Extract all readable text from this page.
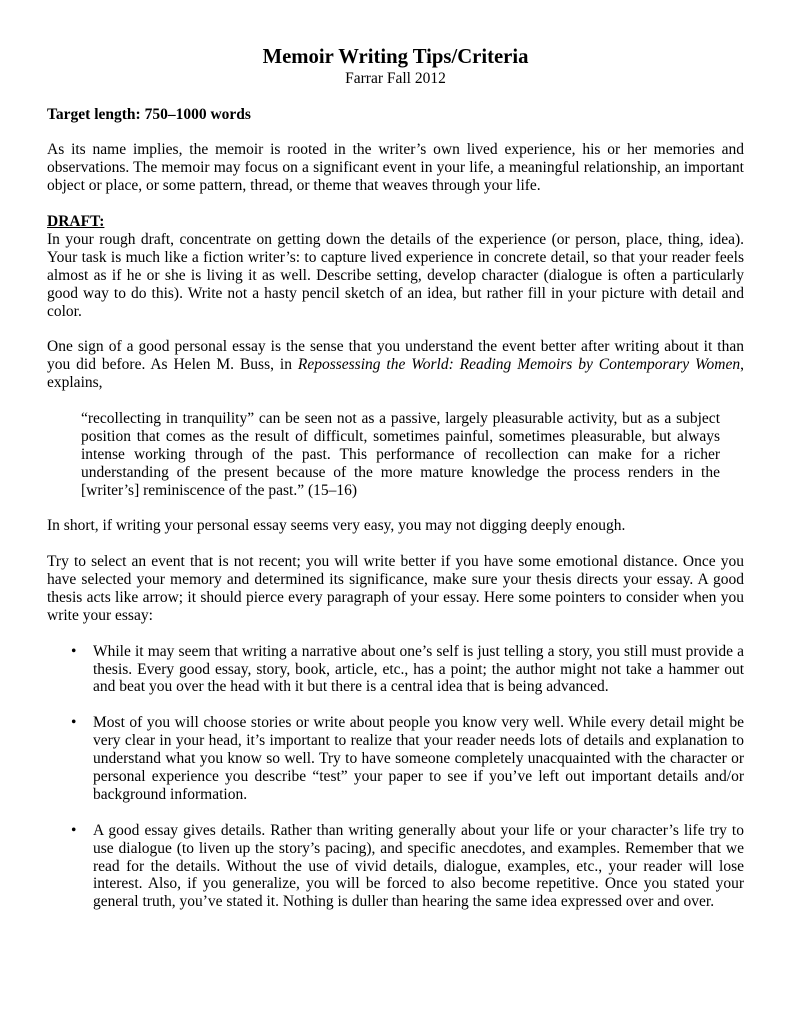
Memoir Writing Tips/Criteria
Farrar Fall 2012
Target length: 750–1000 words

As its name implies, the memoir is rooted in the writer’s own lived experience, his or her memories and observations. The memoir may focus on a significant event in your life, a meaningful relationship, an important object or place, or some pattern, thread, or theme that weaves through your life.

DRAFT:

In your rough draft, concentrate on getting down the details of the experience (or person, place, thing, idea). Your task is much like a fiction writer’s: to capture lived experience in concrete detail, so that your reader feels almost as if he or she is living it as well. Describe setting, develop character (dialogue is often a particularly good way to do this). Write not a hasty pencil sketch of an idea, but rather fill in your picture with detail and color.

One sign of a good personal essay is the sense that you understand the event better after writing about it than you did before. As Helen M. Buss, in Repossessing the World: Reading Memoirs by Contemporary Women, explains,

“recollecting in tranquility” can be seen not as a passive, largely pleasurable activity, but as a subject position that comes as the result of difficult, sometimes painful, sometimes pleasurable, but always intense working through of the past. This performance of recollection can make for a richer understanding of the present because of the more mature knowledge the process renders in the [writer’s] reminiscence of the past.” (15–16)

In short, if writing your personal essay seems very easy, you may not digging deeply enough.

Try to select an event that is not recent; you will write better if you have some emotional distance. Once you have selected your memory and determined its significance, make sure your thesis directs your essay. A good thesis acts like arrow; it should pierce every paragraph of your essay. Here some pointers to consider when you write your essay:

• While it may seem that writing a narrative about one’s self is just telling a story, you still must provide a thesis. Every good essay, story, book, article, etc., has a point; the author might not take a hammer out and beat you over the head with it but there is a central idea that is being advanced.
• Most of you will choose stories or write about people you know very well. While every detail might be very clear in your head, it’s important to realize that your reader needs lots of details and explanation to understand what you know so well. Try to have someone completely unacquainted with the character or personal experience you describe “test” your paper to see if you’ve left out important details and/or background information.
• A good essay gives details. Rather than writing generally about your life or your character’s life try to use dialogue (to liven up the story’s pacing), and specific anecdotes, and examples. Remember that we read for the details. Without the use of vivid details, dialogue, examples, etc., your reader will lose interest. Also, if you generalize, you will be forced to also become repetitive. Once you stated your general truth, you’ve stated it. Nothing is duller than hearing the same idea expressed over and over.
